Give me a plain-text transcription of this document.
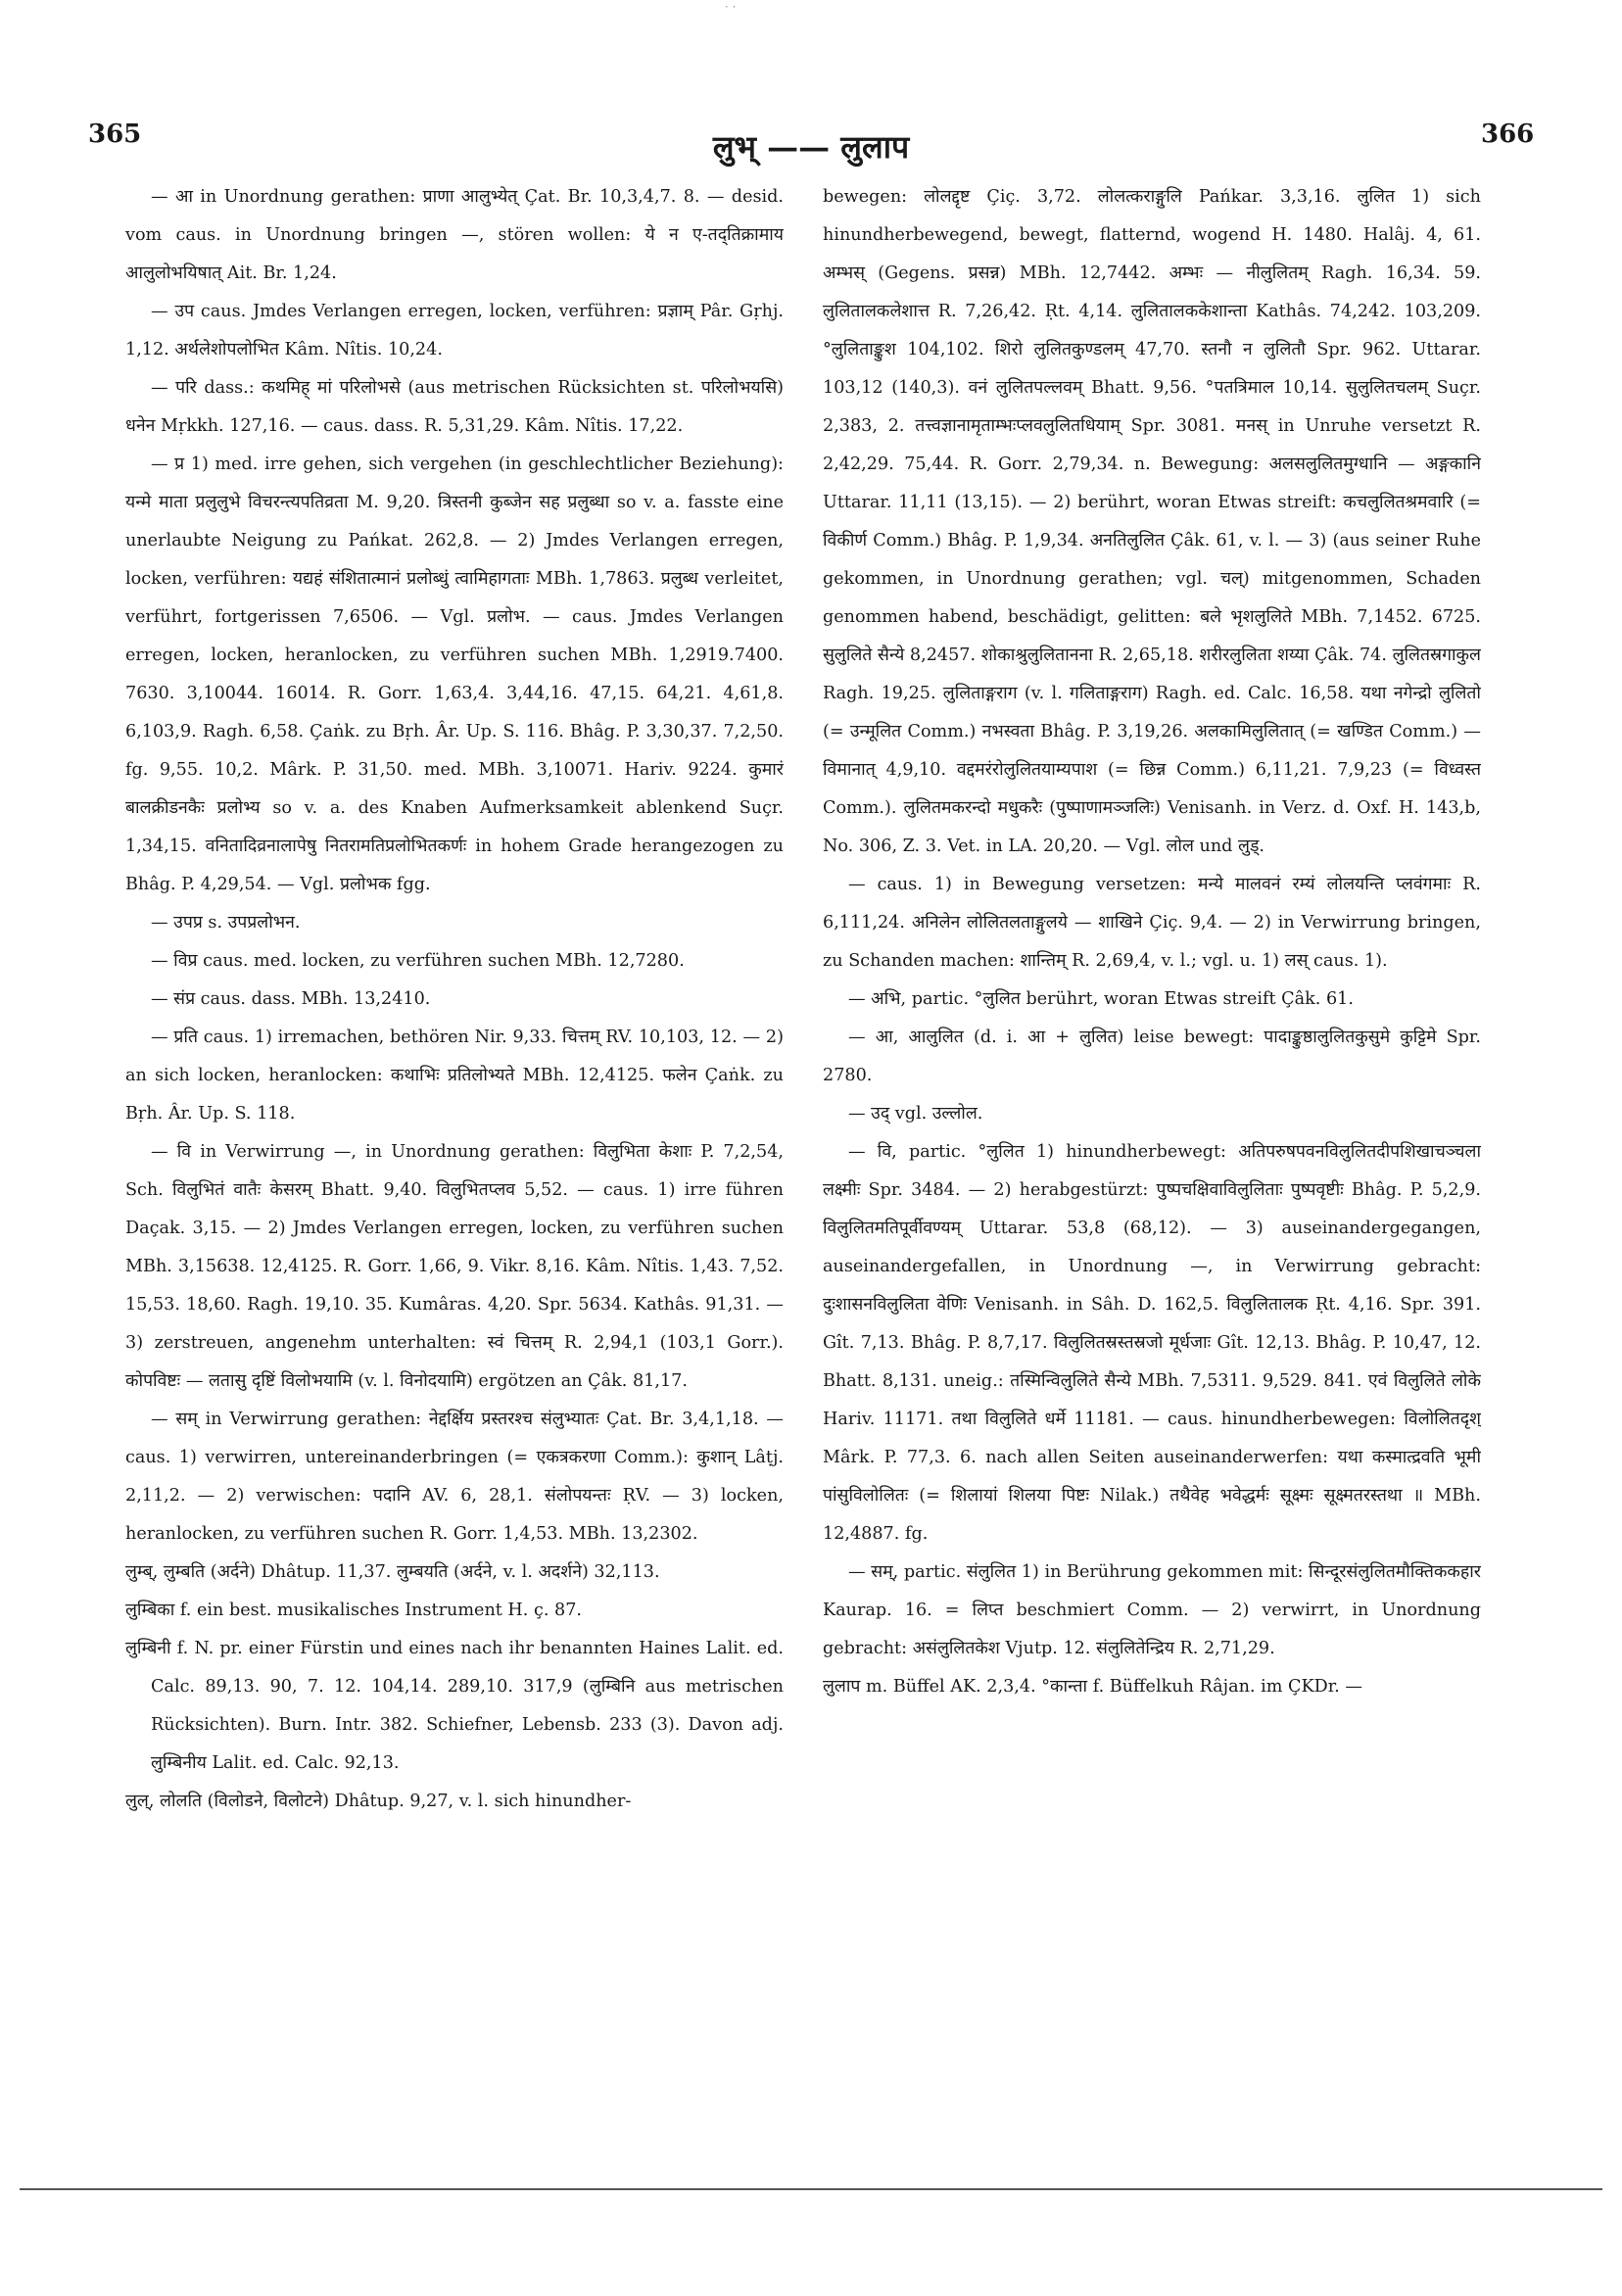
· ·
365	लुभ् —— लुलाप	366

— आ in Unordnung gerathen: प्राणा आलुभ्येत् Çat. Br. 10,3,4,7. 8. — desid. vom caus. in Unordnung bringen —, stören wollen: ये न ए-तद्तिक्रामाय आलुलोभयिषात् Ait. Br. 1,24.

— उप caus. Jmdes Verlangen erregen, locken, verführen: प्रज्ञाम् Pâr. Gṛhj. 1,12. अर्थलेशोपलोभित Kâm. Nîtis. 10,24.

— परि dass.: कथमिह् मां परिलोभसे (aus metrischen Rücksichten st. परिलोभयसि) धनेन Mṛkkh. 127,16. — caus. dass. R. 5,31,29. Kâm. Nîtis. 17,22.

— प्र 1) med. irre gehen, sich vergehen (in geschlechtlicher Beziehung): यन्मे माता प्रलुलुभे विचरन्त्यपतिव्रता M. 9,20. त्रिस्तनी कुब्जेन सह प्रलुब्धा so v. a. fasste eine unerlaubte Neigung zu Pańkat. 262,8. — 2) Jmdes Verlangen erregen, locken, verführen: यद्यहं संशितात्मानं प्रलोब्धुं त्वामिहागताः MBh. 1,7863. प्रलुब्ध verleitet, verführt, fortgerissen 7,6506. — Vgl. प्रलोभ. — caus. Jmdes Verlangen erregen, locken, heranlocken, zu verführen suchen MBh. 1,2919.7400. 7630. 3,10044. 16014. R. Gorr. 1,63,4. 3,44,16. 47,15. 64,21. 4,61,8. 6,103,9. Ragh. 6,58. Çaṅk. zu Bṛh. Âr. Up. S. 116. Bhâg. P. 3,30,37. 7,2,50. fg. 9,55. 10,2. Mârk. P. 31,50. med. MBh. 3,10071. Hariv. 9224. कुमारं बालक्रीडनकैः प्रलोभ्य so v. a. des Knaben Aufmerksamkeit ablenkend Suçr. 1,34,15. वनितादिव्रनालापेषु नितरामतिप्रलोभितकर्णः in hohem Grade herangezogen zu Bhâg. P. 4,29,54. — Vgl. प्रलोभक fgg.

— उपप्र s. उपप्रलोभन.

— विप्र caus. med. locken, zu verführen suchen MBh. 12,7280.

— संप्र caus. dass. MBh. 13,2410.

— प्रति caus. 1) irremachen, bethören Nir. 9,33. चित्तम् RV. 10,103, 12. — 2) an sich locken, heranlocken: कथाभिः प्रतिलोभ्यते MBh. 12,4125. फलेन Çaṅk. zu Bṛh. Âr. Up. S. 118.

— वि in Verwirrung —, in Unordnung gerathen: विलुभिता केशाः P. 7,2,54, Sch. विलुभितं वातैः केसरम् Bhatt. 9,40. विलुभितप्लव 5,52. — caus. 1) irre führen Daçak. 3,15. — 2) Jmdes Verlangen erregen, locken, zu verführen suchen MBh. 3,15638. 12,4125. R. Gorr. 1,66, 9. Vikr. 8,16. Kâm. Nîtis. 1,43. 7,52. 15,53. 18,60. Ragh. 19,10. 35. Kumâras. 4,20. Spr. 5634. Kathâs. 91,31. — 3) zerstreuen, angenehm unterhalten: स्वं चित्तम् R. 2,94,1 (103,1 Gorr.). कोपविष्टः — लतासु दृष्टिं विलोभयामि (v. l. विनोदयामि) ergötzen an Çâk. 81,17.

— सम् in Verwirrung gerathen: नेद्दर्क्षिय प्रस्तरश्च संलुभ्यातः Çat. Br. 3,4,1,18. — caus. 1) verwirren, untereinanderbringen (= एकत्रकरणा Comm.): कुशान् Lâṭj. 2,11,2. — 2) verwischen: पदानि AV. 6, 28,1. संलोपयन्तः ṚV. — 3) locken, heranlocken, zu verführen suchen R. Gorr. 1,4,53. MBh. 13,2302.

लुम्ब्, लुम्बति (अर्दने) Dhâtup. 11,37. लुम्बयति (अर्दने, v. l. अदर्शने) 32,113.

लुम्बिका f. ein best. musikalisches Instrument H. ç. 87.

लुम्बिनी f. N. pr. einer Fürstin und eines nach ihr benannten Haines Lalit. ed. Calc. 89,13. 90, 7. 12. 104,14. 289,10. 317,9 (लुम्बिनि aus metrischen Rücksichten). Burn. Intr. 382. Schiefner, Lebensb. 233 (3). Davon adj. लुम्बिनीय Lalit. ed. Calc. 92,13.

लुल्, लोलति (विलोडने, विलोटने) Dhâtup. 9,27, v. l. sich hinundher-

bewegen: लोलद्दृष्ट Çiç. 3,72. लोलत्कराङ्गुलि Pańkar. 3,3,16. लुलित 1) sich hinundherbewegend, bewegt, flatternd, wogend H. 1480. Halâj. 4, 61. अम्भस् (Gegens. प्रसन्न) MBh. 12,7442. अम्भः — नीलुलितम् Ragh. 16,34. 59. लुलितालकलेशात्त R. 7,26,42. Ṛt. 4,14. लुलितालककेशान्ता Kathâs. 74,242. 103,209. °लुलिताङ्कुश 104,102. शिरो लुलितकुण्डलम् 47,70. स्तनौ न लुलितौ Spr. 962. Uttarar. 103,12 (140,3). वनं लुलितपल्लवम् Bhatt. 9,56. °पतत्रिमाल 10,14. सुलुलितचलम् Suçr. 2,383, 2. तत्त्वज्ञानामृताम्भःप्लवलुलितधियाम् Spr. 3081. मनस् in Unruhe versetzt R. 2,42,29. 75,44. R. Gorr. 2,79,34. n. Bewegung: अलसलुलितमुग्धानि — अङ्गकानि Uttarar. 11,11 (13,15). — 2) berührt, woran Etwas streift: कचलुलितश्रमवारि (= विकीर्ण Comm.) Bhâg. P. 1,9,34. अनतिलुलित Çâk. 61, v. l. — 3) (aus seiner Ruhe gekommen, in Unordnung gerathen; vgl. चल्) mitgenommen, Schaden genommen habend, beschädigt, gelitten: बले भृशलुलिते MBh. 7,1452. 6725. सुलुलिते सैन्ये 8,2457. शोकाश्रुलुलितानना R. 2,65,18. शरीरलुलिता शय्या Çâk. 74. लुलितस्रगाकुल Ragh. 19,25. लुलिताङ्गराग (v. l. गलिताङ्गराग) Ragh. ed. Calc. 16,58. यथा नगेन्द्रो लुलितो (= उन्मूलित Comm.) नभस्वता Bhâg. P. 3,19,26. अलकामिलुलितात् (= खण्डित Comm.) — विमानात् 4,9,10. वद्दमरंरोलुलितयाम्यपाश (= छिन्न Comm.) 6,11,21. 7,9,23 (= विध्वस्त Comm.). लुलितमकरन्दो मधुकरैः (पुष्पाणामञ्जलिः) Venisanh. in Verz. d. Oxf. H. 143,b, No. 306, Z. 3. Vet. in LA. 20,20. — Vgl. लोल und लुड्.

— caus. 1) in Bewegung versetzen: मन्ये मालवनं रम्यं लोलयन्ति प्लवंगमाः R. 6,111,24. अनिलेन लोलितलताङ्गुलये — शाखिने Çiç. 9,4. — 2) in Verwirrung bringen, zu Schanden machen: शान्तिम् R. 2,69,4, v. l.; vgl. u. 1) लस् caus. 1).

— अभि, partic. °लुलित berührt, woran Etwas streift Çâk. 61.

— आ, आलुलित (d. i. आ + लुलित) leise bewegt: पादाङ्कुष्ठालुलितकुसुमे कुट्टिमे Spr. 2780.

— उद् vgl. उल्लोल.

— वि, partic. °लुलित 1) hinundherbewegt: अतिपरुषपवनविलुलितदीपशिखाचञ्चला लक्ष्मीः Spr. 3484. — 2) herabgestürzt: पुष्पचक्षिवाविलुलिताः पुष्पवृष्टीः Bhâg. P. 5,2,9. विलुलितमतिपूर्वीवण्यम् Uttarar. 53,8 (68,12). — 3) auseinandergegangen, auseinandergefallen, in Unordnung —, in Verwirrung gebracht: दुःशासनविलुलिता वेणिः Venisanh. in Sâh. D. 162,5. विलुलितालक Ṛt. 4,16. Spr. 391. Gît. 7,13. Bhâg. P. 8,7,17. विलुलितस्रस्तस्रजो मूर्धजाः Gît. 12,13. Bhâg. P. 10,47, 12. Bhatt. 8,131. uneig.: तस्मिन्विलुलिते सैन्ये MBh. 7,5311. 9,529. 841. एवं विलुलिते लोके Hariv. 11171. तथा विलुलिते धर्मे 11181. — caus. hinundherbewegen: विलोलितदृश् Mârk. P. 77,3. 6. nach allen Seiten auseinanderwerfen: यथा कस्मात्द्रवति भूमी पांसुविलोलितः (= शिलायां शिलया पिष्टः Nilak.) तथैवेह भवेद्धर्मः सूक्ष्मः सूक्ष्मतरस्तथा ॥ MBh. 12,4887. fg.

— सम्, partic. संलुलित 1) in Berührung gekommen mit: सिन्दूरसंलुलितमौक्तिककहार Kaurap. 16. = लिप्त beschmiert Comm. — 2) verwirrt, in Unordnung gebracht: असंलुलितकेश Vjutp. 12. संलुलितेन्द्रिय R. 2,71,29.

लुलाप m. Büffel AK. 2,3,4. °कान्ता f. Büffelkuh Râjan. im ÇKDr. —
